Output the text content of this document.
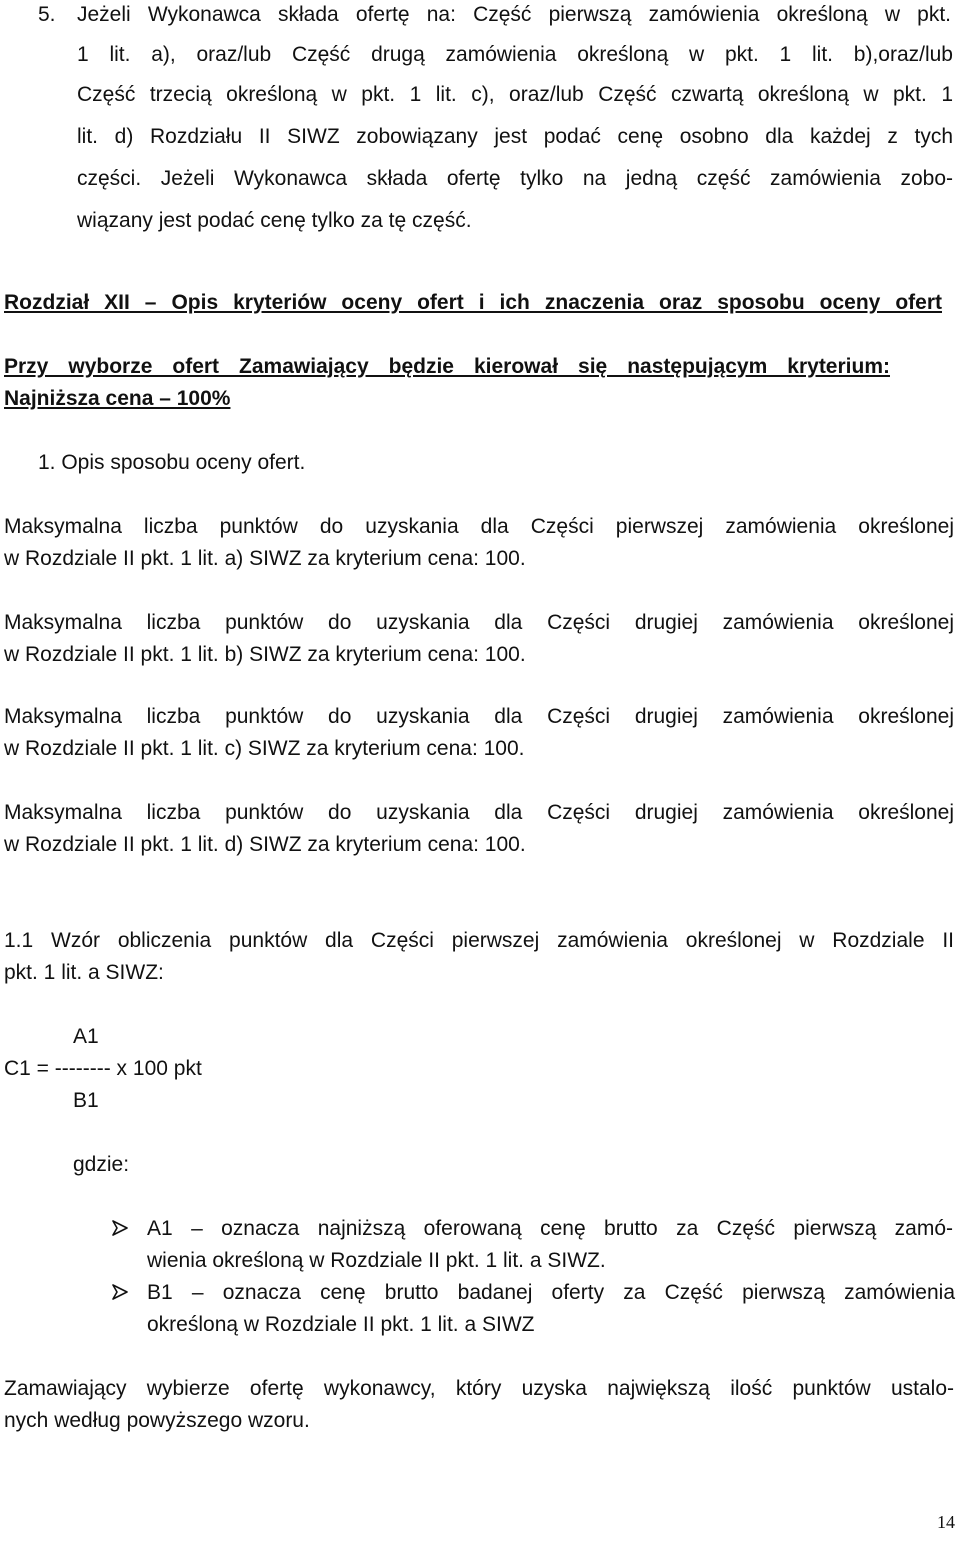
5. Jeżeli Wykonawca składa ofertę na: Część pierwszą zamówienia określoną w pkt.
1 lit. a), oraz/lub Część drugą zamówienia określoną w pkt. 1 lit. b),oraz/lub
Część trzecią określoną w pkt. 1 lit. c), oraz/lub Część czwartą określoną w pkt. 1
lit. d) Rozdziału II SIWZ zobowiązany jest podać cenę osobno dla każdej z tych
części. Jeżeli Wykonawca składa ofertę tylko na jedną część zamówienia zobo-
wiązany jest podać cenę tylko za tę część.
Rozdział XII – Opis kryteriów oceny ofert i ich znaczenia oraz sposobu oceny ofert
Przy wyborze ofert Zamawiający będzie kierował się następującym kryterium:
Najniższa cena – 100%
1. Opis sposobu oceny ofert.
Maksymalna liczba punktów do uzyskania dla Części pierwszej zamówienia określonej
w Rozdziale II pkt. 1 lit. a) SIWZ za kryterium cena: 100.
Maksymalna liczba punktów do uzyskania dla Części drugiej zamówienia określonej
w Rozdziale II pkt. 1 lit. b) SIWZ za kryterium cena: 100.
Maksymalna liczba punktów do uzyskania dla Części drugiej zamówienia określonej
w Rozdziale II pkt. 1 lit. c) SIWZ za kryterium cena: 100.
Maksymalna liczba punktów do uzyskania dla Części drugiej zamówienia określonej
w Rozdziale II pkt. 1 lit. d) SIWZ za kryterium cena: 100.
1.1 Wzór obliczenia punktów dla Części pierwszej zamówienia określonej w Rozdziale II
pkt. 1 lit. a SIWZ:
A1
C1 = -------- x 100 pkt
B1
gdzie:
A1 – oznacza najniższą oferowaną cenę brutto za Część pierwszą zamó-
wienia określoną w Rozdziale II pkt. 1 lit. a SIWZ.
B1 – oznacza cenę brutto badanej oferty za Część pierwszą zamówienia
określoną w Rozdziale II pkt. 1 lit. a SIWZ
Zamawiający wybierze ofertę wykonawcy, który uzyska największą ilość punktów ustalo-
nych według powyższego wzoru.
14
